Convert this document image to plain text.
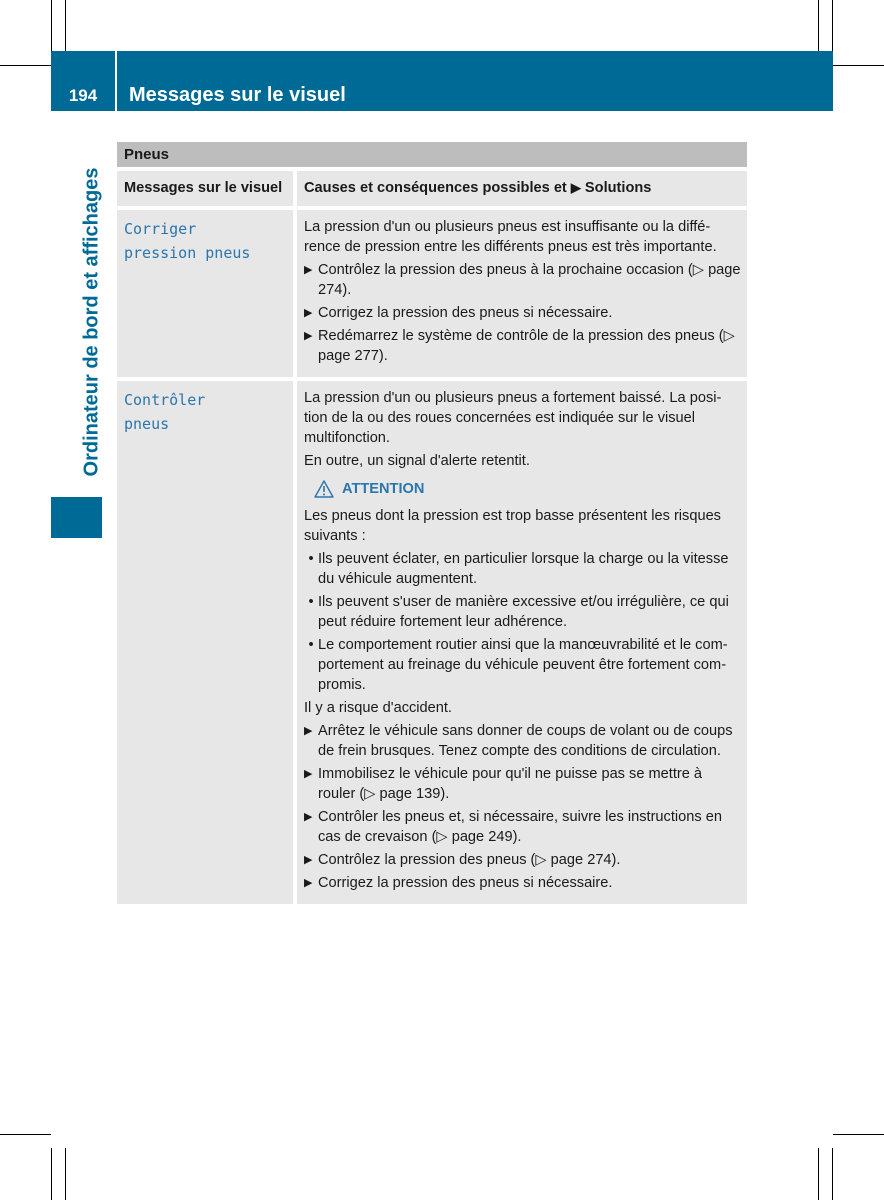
194	Messages sur le visuel
Ordinateur de bord et affichages
Pneus
Messages sur le visuel	Causes et conséquences possibles et ▶ Solutions
Corriger
pression pneus
La pression d'un ou plusieurs pneus est insuffisante ou la diffé-rence de pression entre les différents pneus est très importante.
▶ Contrôlez la pression des pneus à la prochaine occasion (▷ page 274).
▶ Corrigez la pression des pneus si nécessaire.
▶ Redémarrez le système de contrôle de la pression des pneus (▷ page 277).
Contrôler
pneus
La pression d'un ou plusieurs pneus a fortement baissé. La posi-tion de la ou des roues concernées est indiquée sur le visuel multifonction.
En outre, un signal d'alerte retentit.
ATTENTION
Les pneus dont la pression est trop basse présentent les risques suivants :
• Ils peuvent éclater, en particulier lorsque la charge ou la vitesse du véhicule augmentent.
• Ils peuvent s'user de manière excessive et/ou irrégulière, ce qui peut réduire fortement leur adhérence.
• Le comportement routier ainsi que la manœuvrabilité et le com-portement au freinage du véhicule peuvent être fortement com-promis.
Il y a risque d'accident.
▶ Arrêtez le véhicule sans donner de coups de volant ou de coups de frein brusques. Tenez compte des conditions de circulation.
▶ Immobilisez le véhicule pour qu'il ne puisse pas se mettre à rouler (▷ page 139).
▶ Contrôler les pneus et, si nécessaire, suivre les instructions en cas de crevaison (▷ page 249).
▶ Contrôlez la pression des pneus (▷ page 274).
▶ Corrigez la pression des pneus si nécessaire.
